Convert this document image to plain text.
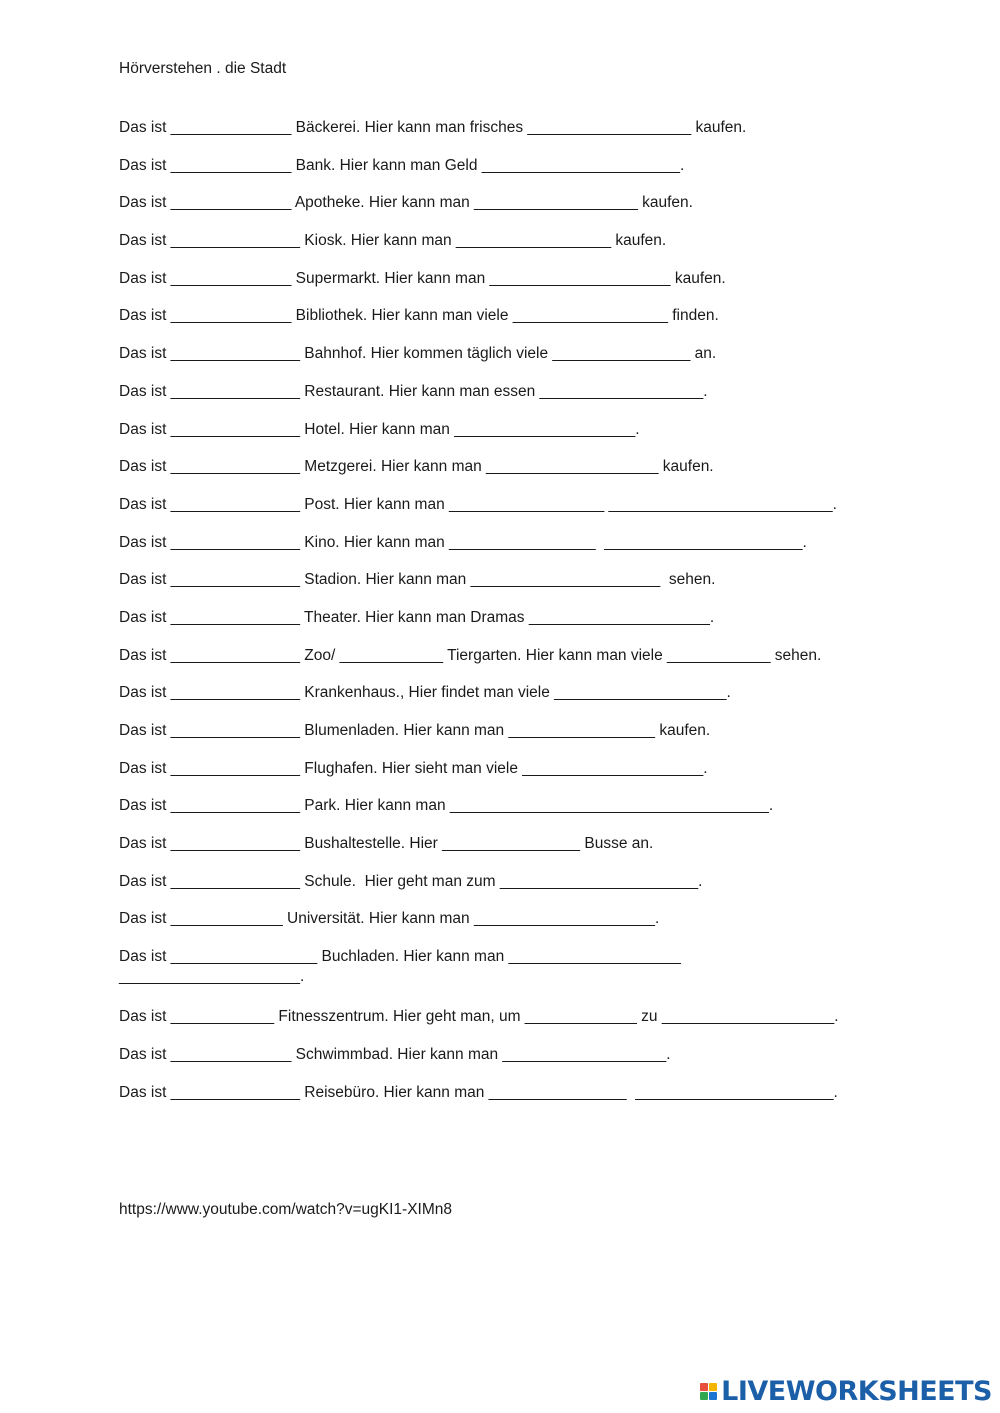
Hörverstehen . die Stadt
Das ist ______________ Bäckerei. Hier kann man frisches ___________________ kaufen.
Das ist ______________ Bank. Hier kann man Geld _______________________.
Das ist ______________ Apotheke. Hier kann man ___________________ kaufen.
Das ist _______________ Kiosk. Hier kann man __________________ kaufen.
Das ist ______________ Supermarkt. Hier kann man _____________________ kaufen.
Das ist ______________ Bibliothek. Hier kann man viele __________________ finden.
Das ist _______________ Bahnhof. Hier kommen täglich viele ________________ an.
Das ist _______________ Restaurant. Hier kann man essen ___________________.
Das ist _______________ Hotel. Hier kann man _____________________.
Das ist _______________ Metzgerei. Hier kann man ____________________ kaufen.
Das ist _______________ Post. Hier kann man __________________ __________________________.
Das ist _______________ Kino. Hier kann man _________________  _______________________.
Das ist _______________ Stadion. Hier kann man ______________________  sehen.
Das ist _______________ Theater. Hier kann man Dramas _____________________.
Das ist _______________ Zoo/ ____________ Tiergarten. Hier kann man viele ____________ sehen.
Das ist _______________ Krankenhaus., Hier findet man viele ____________________.
Das ist _______________ Blumenladen. Hier kann man _________________ kaufen.
Das ist _______________ Flughafen. Hier sieht man viele _____________________.
Das ist _______________ Park. Hier kann man _____________________________________.
Das ist _______________ Bushaltestelle. Hier ________________ Busse an.
Das ist _______________ Schule.  Hier geht man zum _______________________.
Das ist _____________ Universität. Hier kann man _____________________.
Das ist _________________ Buchladen. Hier kann man ____________________
_____________________.
Das ist ____________ Fitnesszentrum. Hier geht man, um _____________ zu ____________________.
Das ist ______________ Schwimmbad. Hier kann man ___________________.
Das ist _______________ Reisebüro. Hier kann man ________________  _______________________.
https://www.youtube.com/watch?v=ugKI1-XIMn8
LIVEWORKSHEETS
